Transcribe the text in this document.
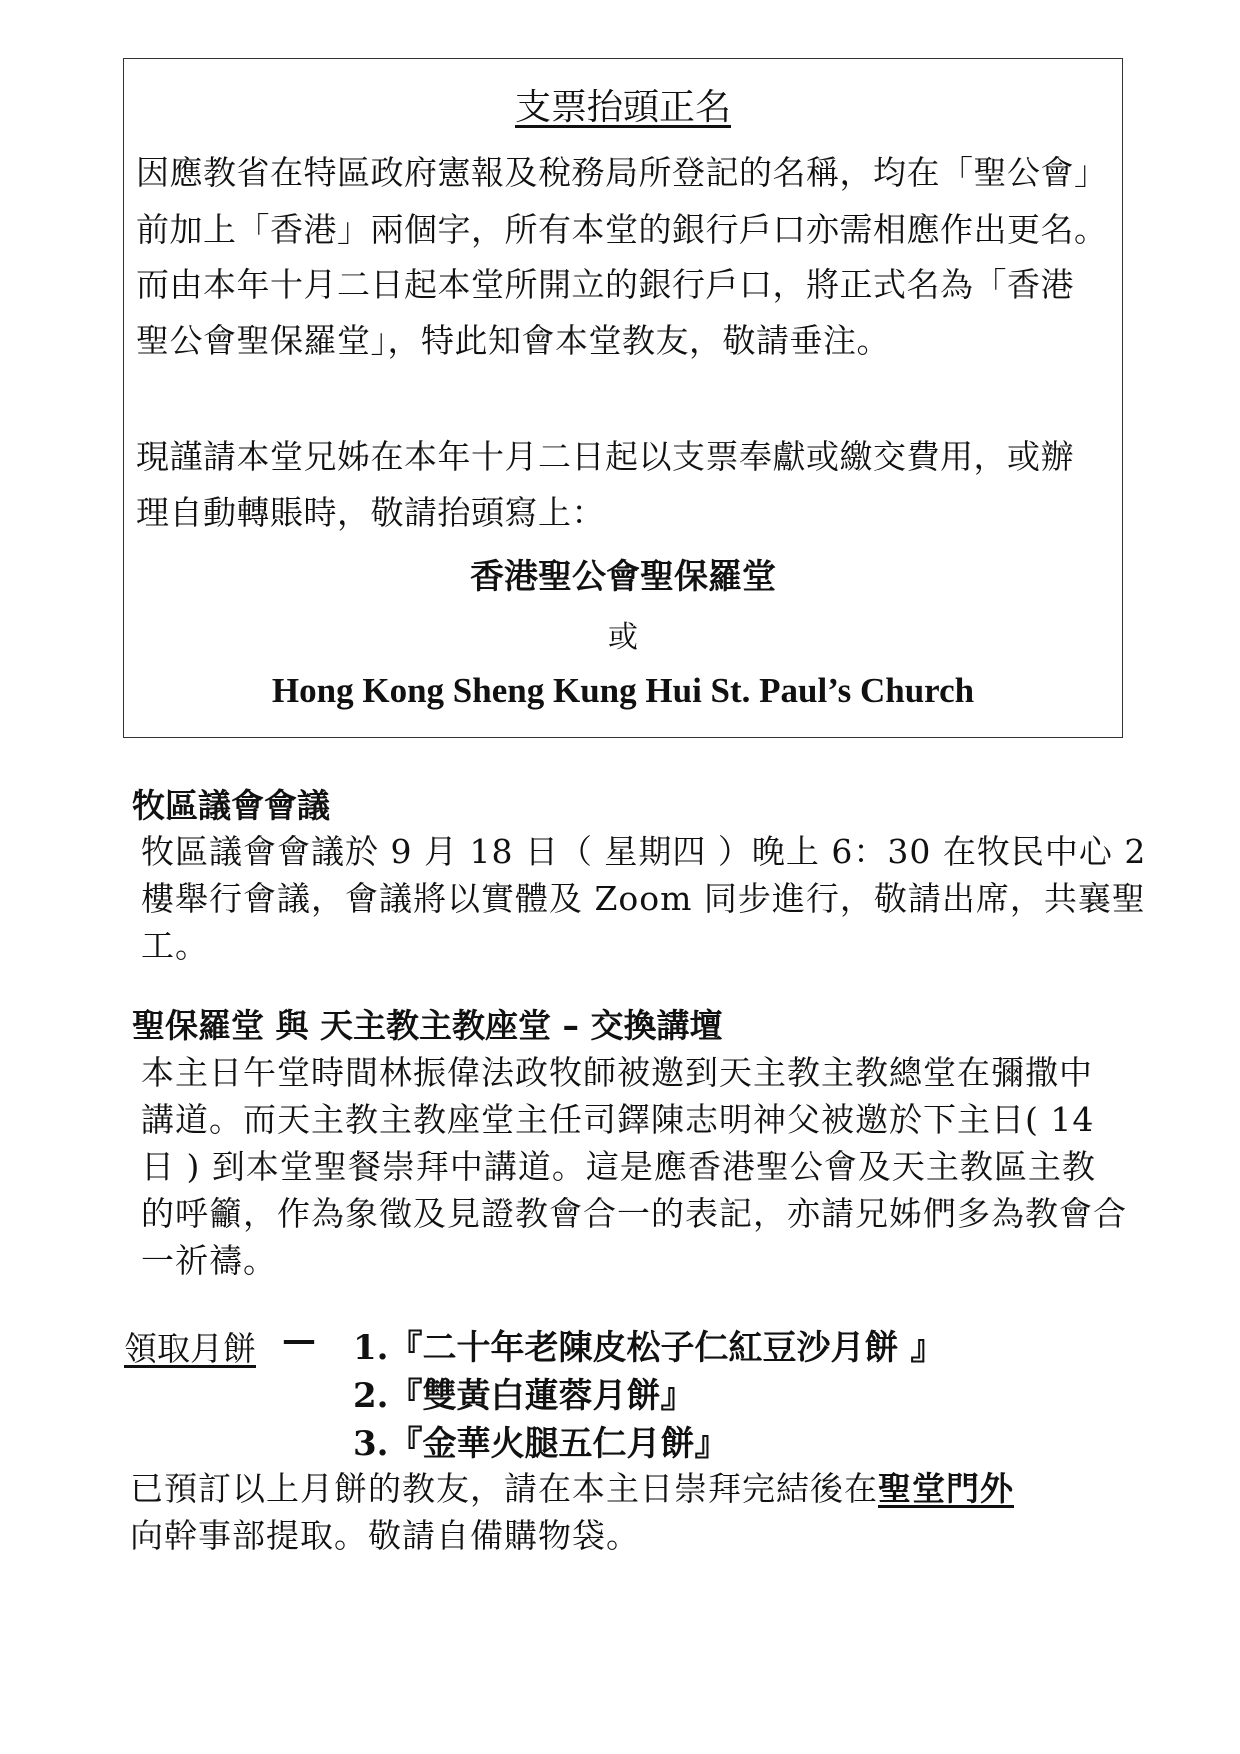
支票抬頭正名
因應教省在特區政府憲報及稅務局所登記的名稱，均在「聖公會」
前加上「香港」兩個字，所有本堂的銀行戶口亦需相應作出更名。
而由本年十月二日起本堂所開立的銀行戶口，將正式名為「香港
聖公會聖保羅堂」，特此知會本堂教友，敬請垂注。
現謹請本堂兄姊在本年十月二日起以支票奉獻或繳交費用，或辦
理自動轉賬時，敬請抬頭寫上：
香港聖公會聖保羅堂
或
Hong Kong Sheng Kung Hui St. Paul’s Church
牧區議會會議
牧區議會會議於 9 月 18 日（ 星期四 ）晚上 6：30 在牧民中心 2
樓舉行會議，會議將以實體及 Zoom 同步進行，敬請出席，共襄聖
工。
聖保羅堂 與 天主教主教座堂 – 交換講壇
本主日午堂時間林振偉法政牧師被邀到天主教主教總堂在彌撒中
講道。而天主教主教座堂主任司鐸陳志明神父被邀於下主日( 14
日 ) 到本堂聖餐崇拜中講道。這是應香港聖公會及天主教區主教
的呼籲，作為象徵及見證教會合一的表記，亦請兄姊們多為教會合
一祈禱。
領取月餅 — 1.『二十年老陳皮松子仁紅豆沙月餅 』
2.『雙黃白蓮蓉月餅』
3.『金華火腿五仁月餅』
已預訂以上月餅的教友，請在本主日崇拜完結後在聖堂門外
向幹事部提取。敬請自備購物袋。
